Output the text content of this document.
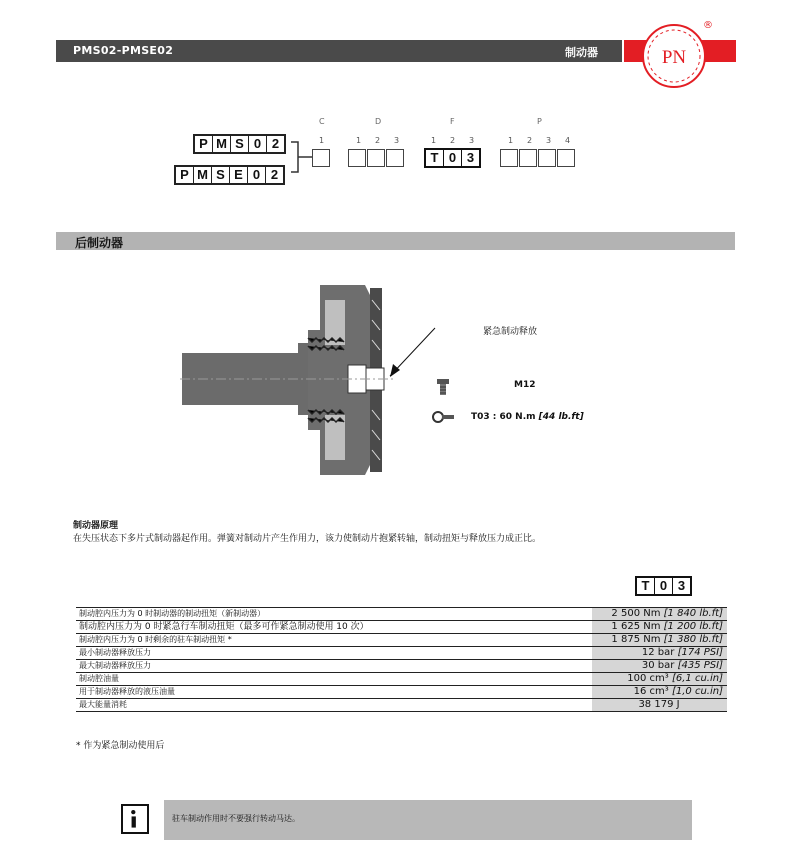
PMS02-PMSE02	制动器	PN
®
C	D	F	P
1	1 2 3	1 2 3	1 2 3 4
P M S 0 2
P M S E 0 2
T 0 3
后制动器
紧急制动释放
M12
T03 : 60 N.m [44 lb.ft]
制动器原理
在失压状态下多片式制动器起作用。弹簧对制动片产生作用力，该力使制动片抱紧转轴，制动扭矩与释放压力成正比。
T 0 3
制动腔内压力为 0 时制动器的制动扭矩（新制动器）	2 500 Nm [1 840 lb.ft]
制动腔内压力为 0 时紧急行车制动扭矩（最多可作紧急制动使用 10 次）	1 625 Nm [1 200 lb.ft]
制动腔内压力为 0 时剩余的驻车制动扭矩 *	1 875 Nm [1 380 lb.ft]
最小制动器释放压力	12 bar [174 PSI]
最大制动器释放压力	30 bar [435 PSI]
制动腔油量	100 cm³ [6,1 cu.in]
用于制动器释放的液压油量	16 cm³ [1,0 cu.in]
最大能量消耗	38 179 J
* 作为紧急制动使用后
驻车制动作用时不要强行转动马达。
